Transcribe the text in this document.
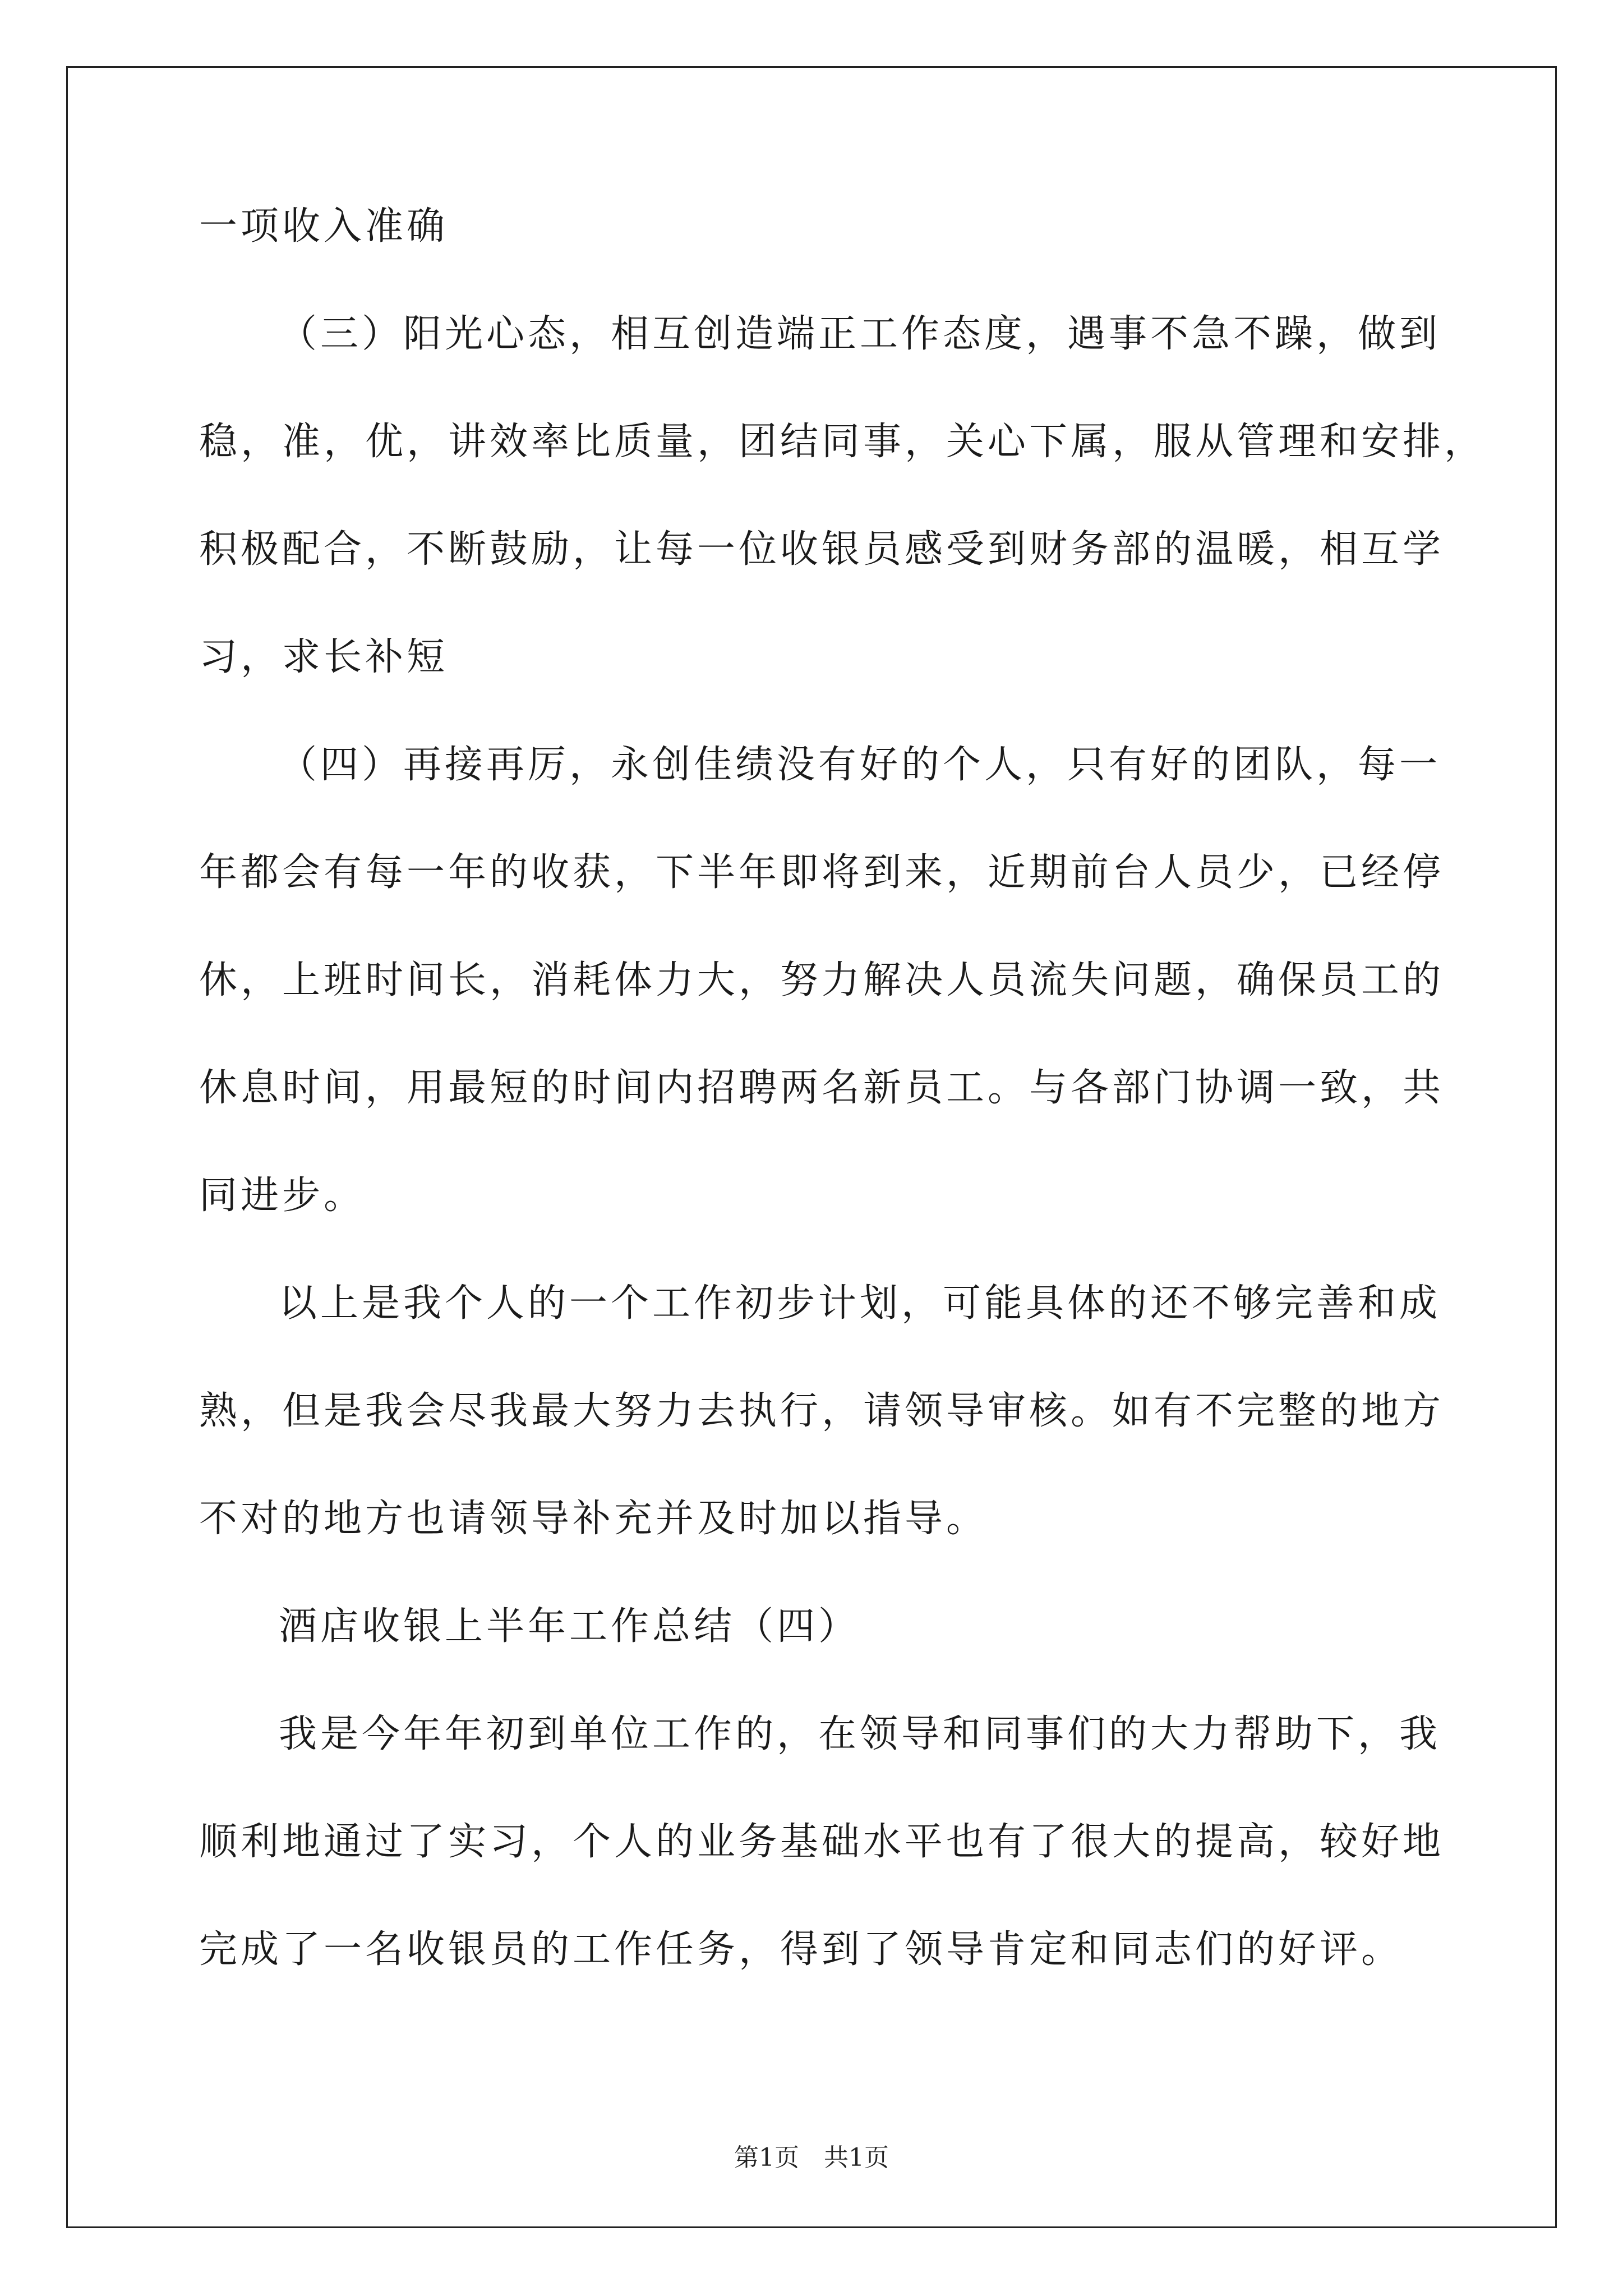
一项收入准确
（三）阳光心态，相互创造端正工作态度，遇事不急不躁，做到
稳，准，优，讲效率比质量，团结同事，关心下属，服从管理和安排，
积极配合，不断鼓励，让每一位收银员感受到财务部的温暖，相互学
习，求长补短
（四）再接再厉，永创佳绩没有好的个人，只有好的团队，每一
年都会有每一年的收获，下半年即将到来，近期前台人员少，已经停
休，上班时间长，消耗体力大，努力解决人员流失问题，确保员工的
休息时间，用最短的时间内招聘两名新员工。与各部门协调一致，共
同进步。
以上是我个人的一个工作初步计划，可能具体的还不够完善和成
熟，但是我会尽我最大努力去执行，请领导审核。如有不完整的地方
不对的地方也请领导补充并及时加以指导。
酒店收银上半年工作总结（四）
我是今年年初到单位工作的，在领导和同事们的大力帮助下，我
顺利地通过了实习，个人的业务基础水平也有了很大的提高，较好地
完成了一名收银员的工作任务，得到了领导肯定和同志们的好评。
第1页　共1页
